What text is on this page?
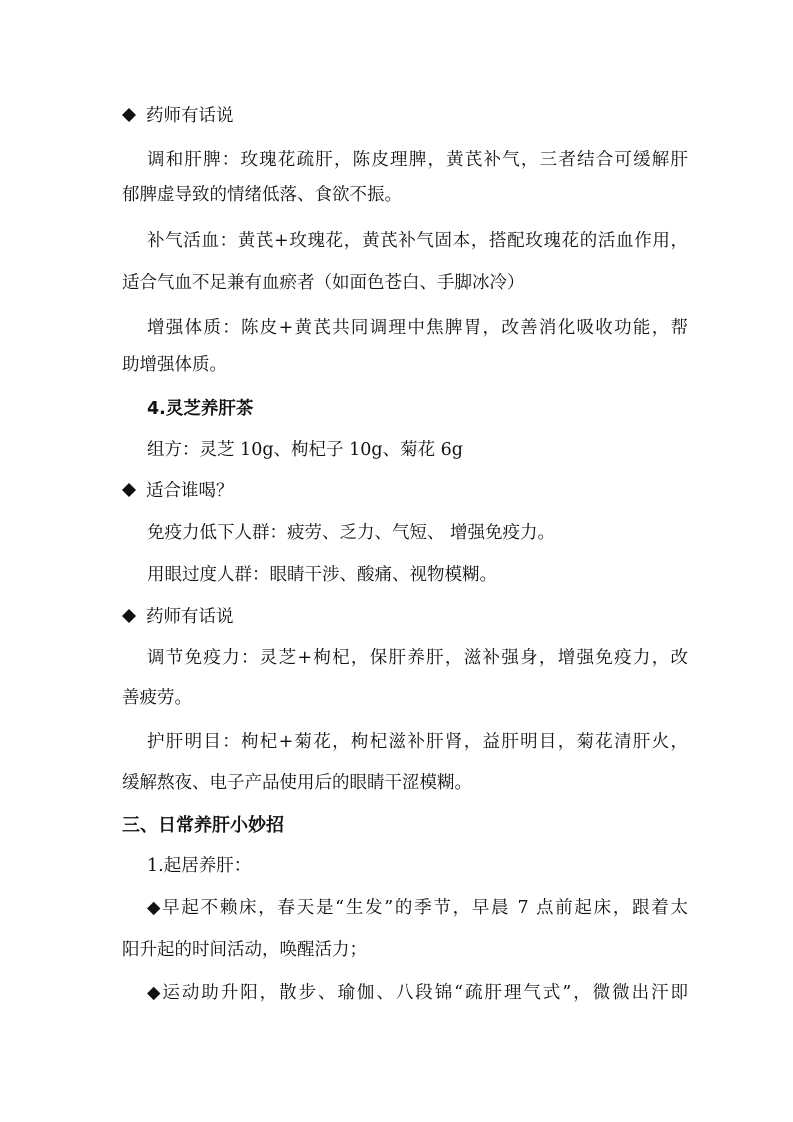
药师有话说
调和肝脾：玫瑰花疏肝，陈皮理脾，黄芪补气，三者结合可缓解肝
郁脾虚导致的情绪低落、食欲不振。
补气活血：黄芪+玫瑰花，黄芪补气固本，搭配玫瑰花的活血作用，
适合气血不足兼有血瘀者（如面色苍白、手脚冰冷）
增强体质：陈皮+黄芪共同调理中焦脾胃，改善消化吸收功能，帮
助增强体质。
4.灵芝养肝茶
组方：灵芝 10g、枸杞子 10g、菊花 6g
适合谁喝？
免疫力低下人群：疲劳、乏力、气短、 增强免疫力。
用眼过度人群：眼睛干涉、酸痛、视物模糊。
药师有话说
调节免疫力：灵芝+枸杞，保肝养肝，滋补强身，增强免疫力，改
善疲劳。
护肝明目：枸杞+菊花，枸杞滋补肝肾，益肝明目，菊花清肝火，
缓解熬夜、电子产品使用后的眼睛干涩模糊。
三、日常养肝小妙招
1.起居养肝：
◆早起不赖床，春天是“生发”的季节，早晨 7 点前起床，跟着太
阳升起的时间活动，唤醒活力；
◆运动助升阳，散步、瑜伽、八段锦“疏肝理气式”，微微出汗即
